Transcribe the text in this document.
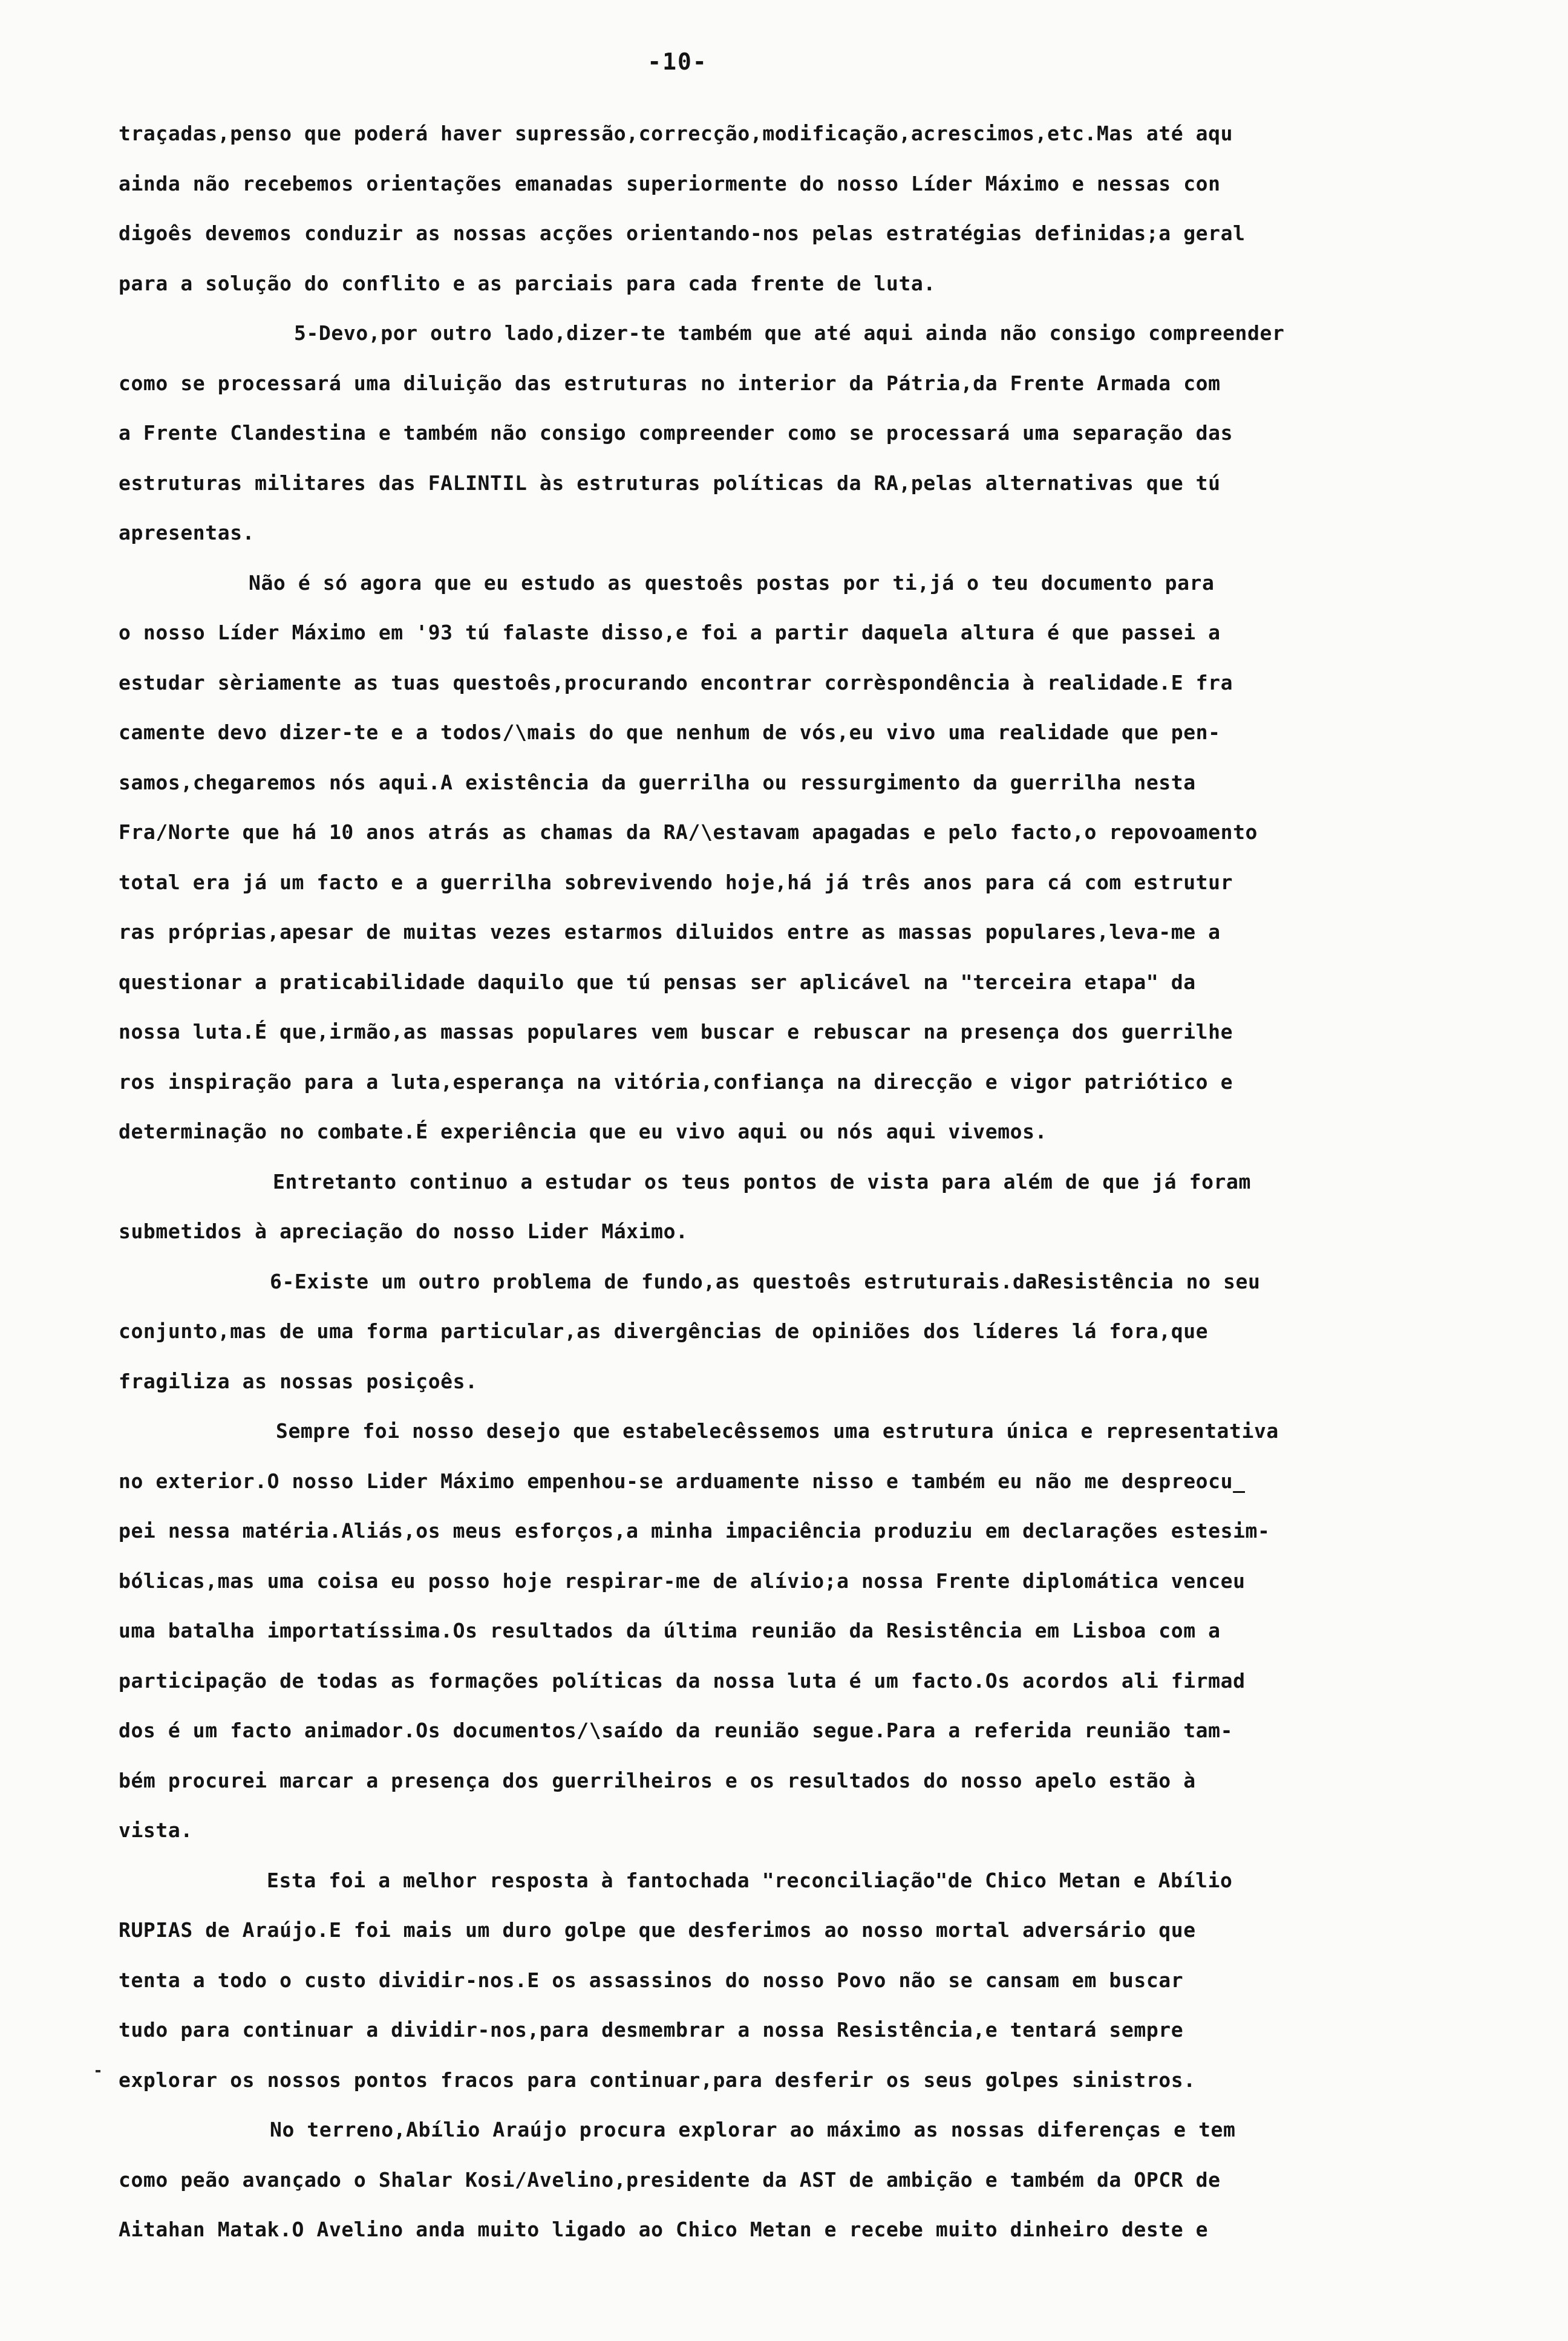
-10-
traçadas,penso que poderá haver supressão,correcção,modificação,acrescimos,etc.Mas até aqu
ainda não recebemos orientações emanadas superiormente do nosso Líder Máximo e nessas con
digoês devemos conduzir as nossas acções orientando-nos pelas estratégias definidas;a geral
para a solução do conflito e as parciais para cada frente de luta.
5-Devo,por outro lado,dizer-te também que até aqui ainda não consigo compreender
como se processará uma diluição das estruturas no interior da Pátria,da Frente Armada com
a Frente Clandestina e também não consigo compreender como se processará uma separação das
estruturas militares das FALINTIL às estruturas políticas da RA,pelas alternativas que tú
apresentas.
Não é só agora que eu estudo as questoês postas por ti,já o teu documento para
o nosso Líder Máximo em '93 tú falaste disso,e foi a partir daquela altura é que passei a
estudar sèriamente as tuas questoês,procurando encontrar corrèspondência à realidade.E fra
camente devo dizer-te e a todos/\mais do que nenhum de vós,eu vivo uma realidade que pen-
samos,chegaremos nós aqui.A existência da guerrilha ou ressurgimento da guerrilha nesta
Fra/Norte que há 10 anos atrás as chamas da RA/\estavam apagadas e pelo facto,o repovoamento
total era já um facto e a guerrilha sobrevivendo hoje,há já três anos para cá com estrutur
ras próprias,apesar de muitas vezes estarmos diluidos entre as massas populares,leva-me a
questionar a praticabilidade daquilo que tú pensas ser aplicável na "terceira etapa" da
nossa luta.É que,irmão,as massas populares vem buscar e rebuscar na presença dos guerrilhe
ros inspiração para a luta,esperança na vitória,confiança na direcção e vigor patriótico e
determinação no combate.É experiência que eu vivo aqui ou nós aqui vivemos.
Entretanto continuo a estudar os teus pontos de vista para além de que já foram
submetidos à apreciação do nosso Lider Máximo.
6-Existe um outro problema de fundo,as questoês estruturais.daResistência no seu
conjunto,mas de uma forma particular,as divergências de opiniões dos líderes lá fora,que
fragiliza as nossas posiçoês.
Sempre foi nosso desejo que estabelecêssemos uma estrutura única e representativa
no exterior.O nosso Lider Máximo empenhou-se arduamente nisso e também eu não me despreocu_
pei nessa matéria.Aliás,os meus esforços,a minha impaciência produziu em declarações estesim-
bólicas,mas uma coisa eu posso hoje respirar-me de alívio;a nossa Frente diplomática venceu
uma batalha importatíssima.Os resultados da última reunião da Resistência em Lisboa com a
participação de todas as formações políticas da nossa luta é um facto.Os acordos ali firmad
dos é um facto animador.Os documentos/\saído da reunião segue.Para a referida reunião tam-
bém procurei marcar a presença dos guerrilheiros e os resultados do nosso apelo estão à
vista.
Esta foi a melhor resposta à fantochada "reconciliação"de Chico Metan e Abílio
RUPIAS de Araújo.E foi mais um duro golpe que desferimos ao nosso mortal adversário que
tenta a todo o custo dividir-nos.E os assassinos do nosso Povo não se cansam em buscar
tudo para continuar a dividir-nos,para desmembrar a nossa Resistência,e tentará sempre
explorar os nossos pontos fracos para continuar,para desferir os seus golpes sinistros.
No terreno,Abílio Araújo procura explorar ao máximo as nossas diferenças e tem
como peão avançado o Shalar Kosi/Avelino,presidente da AST de ambição e também da OPCR de
Aitahan Matak.O Avelino anda muito ligado ao Chico Metan e recebe muito dinheiro deste e
